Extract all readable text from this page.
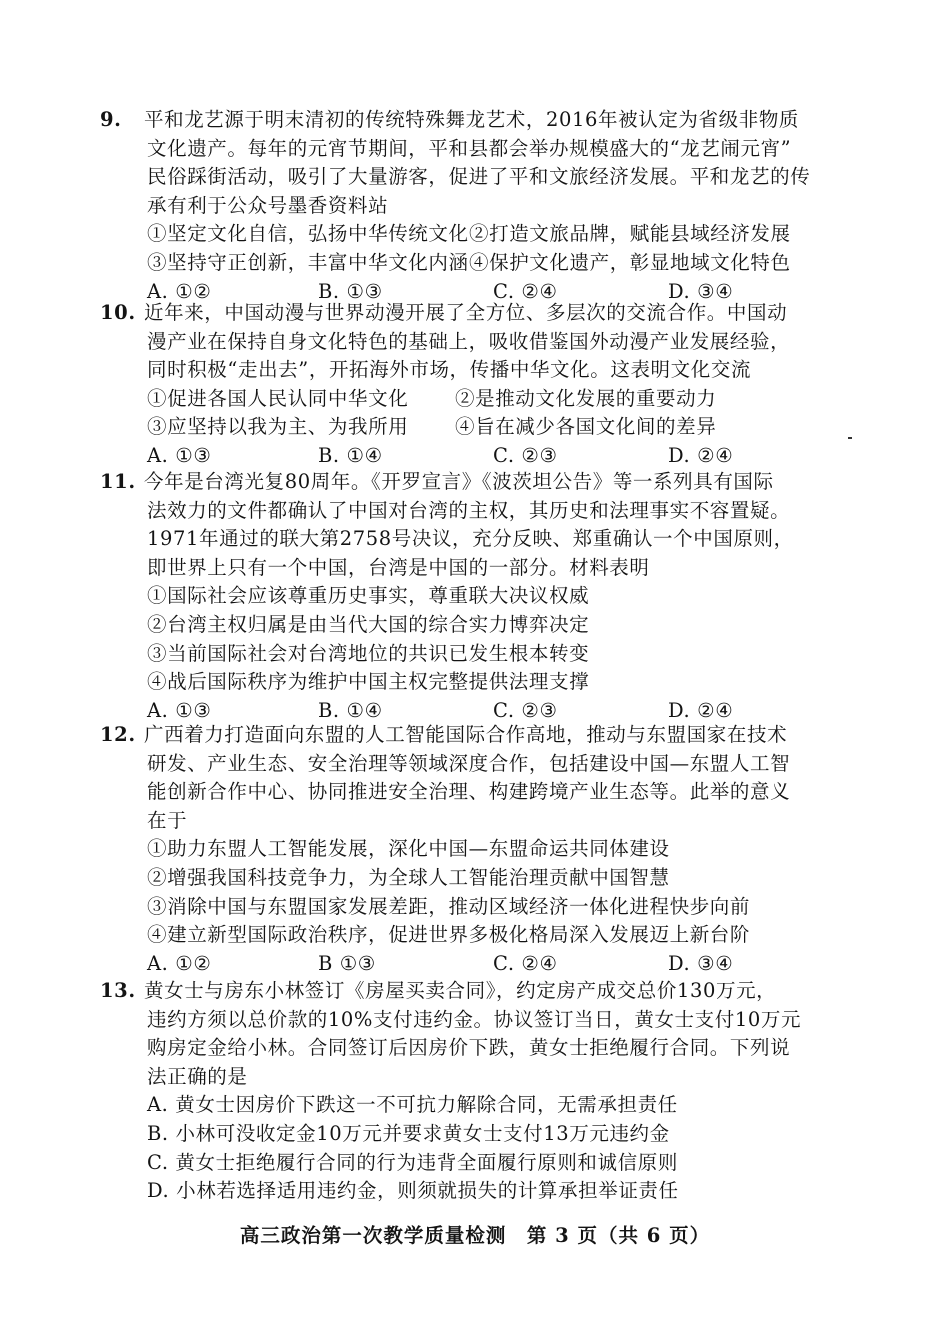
9. 平和龙艺源于明末清初的传统特殊舞龙艺术，2016年被认定为省级非物质
文化遗产。每年的元宵节期间，平和县都会举办规模盛大的“龙艺闹元宵”
民俗踩街活动，吸引了大量游客，促进了平和文旅经济发展。平和龙艺的传
承有利于公众号墨香资料站
①坚定文化自信，弘扬中华传统文化 ②打造文旅品牌，赋能县域经济发展
③坚持守正创新，丰富中华文化内涵 ④保护文化遗产，彰显地域文化特色
A. ①②	B. ①③	C. ②④	D. ③④
10. 近年来，中国动漫与世界动漫开展了全方位、多层次的交流合作。中国动
漫产业在保持自身文化特色的基础上，吸收借鉴国外动漫产业发展经验，
同时积极“走出去”，开拓海外市场，传播中华文化。这表明文化交流
①促进各国人民认同中华文化	②是推动文化发展的重要动力
③应坚持以我为主、为我所用	④旨在减少各国文化间的差异
A. ①③	B. ①④	C. ②③	D. ②④
11. 今年是台湾光复80周年。《开罗宣言》《波茨坦公告》等一系列具有国际
法效力的文件都确认了中国对台湾的主权，其历史和法理事实不容置疑。
1971年通过的联大第2758号决议，充分反映、郑重确认一个中国原则，
即世界上只有一个中国，台湾是中国的一部分。材料表明
①国际社会应该尊重历史事实，尊重联大决议权威
②台湾主权归属是由当代大国的综合实力博弈决定
③当前国际社会对台湾地位的共识已发生根本转变
④战后国际秩序为维护中国主权完整提供法理支撑
A. ①③	B. ①④	C. ②③	D. ②④
12. 广西着力打造面向东盟的人工智能国际合作高地，推动与东盟国家在技术
研发、产业生态、安全治理等领域深度合作，包括建设中国—东盟人工智
能创新合作中心、协同推进安全治理、构建跨境产业生态等。此举的意义
在于
①助力东盟人工智能发展，深化中国—东盟命运共同体建设
②增强我国科技竞争力，为全球人工智能治理贡献中国智慧
③消除中国与东盟国家发展差距，推动区域经济一体化进程快步向前
④建立新型国际政治秩序，促进世界多极化格局深入发展迈上新台阶
A. ①②	B ①③	C. ②④	D. ③④
13. 黄女士与房东小林签订《房屋买卖合同》，约定房产成交总价130万元，
违约方须以总价款的10%支付违约金。协议签订当日，黄女士支付10万元
购房定金给小林。合同签订后因房价下跌，黄女士拒绝履行合同。下列说
法正确的是
A. 黄女士因房价下跌这一不可抗力解除合同，无需承担责任
B. 小林可没收定金10万元并要求黄女士支付13万元违约金
C. 黄女士拒绝履行合同的行为违背全面履行原则和诚信原则
D. 小林若选择适用违约金，则须就损失的计算承担举证责任
高三政治第一次教学质量检测　第 3 页（共 6 页）
